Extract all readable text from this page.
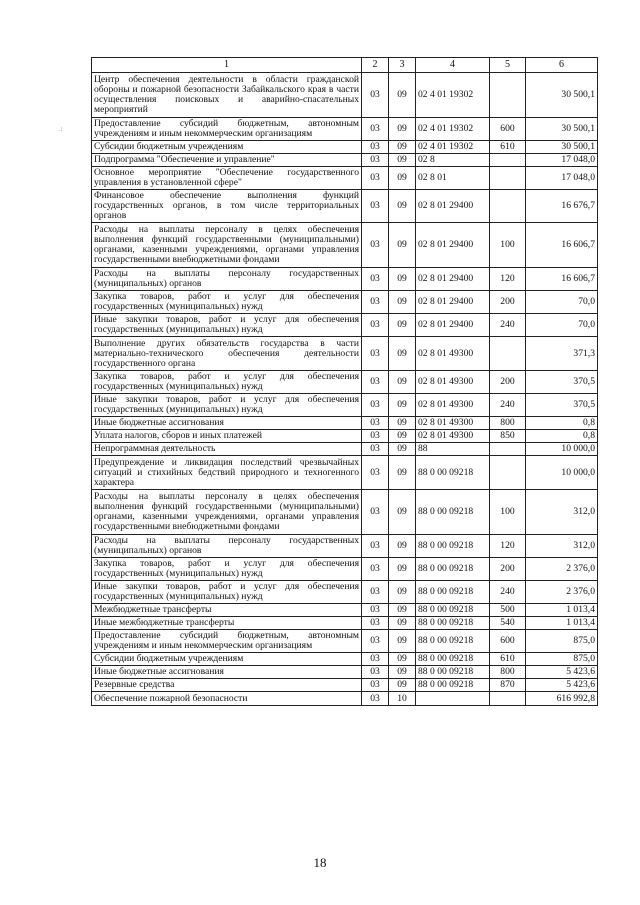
.:
1	2	3	4	5	6
Центр обеспечения деятельности в области гражданской обороны и пожарной безопасности Забайкальского края в части осуществления поисковых и аварийно-спасательных мероприятий	03	09	02 4 01 19302		30 500,1
Предоставление субсидий бюджетным, автономным учреждениям и иным некоммерческим организациям	03	09	02 4 01 19302	600	30 500,1
Субсидии бюджетным учреждениям	03	09	02 4 01 19302	610	30 500,1
Подпрограмма "Обеспечение и управление"	03	09	02 8		17 048,0
Основное мероприятие "Обеспечение государственного управления в установленной сфере"	03	09	02 8 01		17 048,0
Финансовое обеспечение выполнения функций государственных органов, в том числе территориальных органов	03	09	02 8 01 29400		16 676,7
Расходы на выплаты персоналу в целях обеспечения выполнения функций государственными (муниципальными) органами, казенными учреждениями, органами управления государственными внебюджетными фондами	03	09	02 8 01 29400	100	16 606,7
Расходы на выплаты персоналу государственных (муниципальных) органов	03	09	02 8 01 29400	120	16 606,7
Закупка товаров, работ и услуг для обеспечения государственных (муниципальных) нужд	03	09	02 8 01 29400	200	70,0
Иные закупки товаров, работ и услуг для обеспечения государственных (муниципальных) нужд	03	09	02 8 01 29400	240	70,0
Выполнение других обязательств государства в части материально-технического обеспечения деятельности государственного органа	03	09	02 8 01 49300		371,3
Закупка товаров, работ и услуг для обеспечения государственных (муниципальных) нужд	03	09	02 8 01 49300	200	370,5
Иные закупки товаров, работ и услуг для обеспечения государственных (муниципальных) нужд	03	09	02 8 01 49300	240	370,5
Иные бюджетные ассигнования	03	09	02 8 01 49300	800	0,8
Уплата налогов, сборов и иных платежей	03	09	02 8 01 49300	850	0,8
Непрограммная деятельность	03	09	88		10 000,0
Предупреждение и ликвидация последствий чрезвычайных ситуаций и стихийных бедствий природного и техногенного характера	03	09	88 0 00 09218		10 000,0
Расходы на выплаты персоналу в целях обеспечения выполнения функций государственными (муниципальными) органами, казенными учреждениями, органами управления государственными внебюджетными фондами	03	09	88 0 00 09218	100	312,0
Расходы на выплаты персоналу государственных (муниципальных) органов	03	09	88 0 00 09218	120	312,0
Закупка товаров, работ и услуг для обеспечения государственных (муниципальных) нужд	03	09	88 0 00 09218	200	2 376,0
Иные закупки товаров, работ и услуг для обеспечения государственных (муниципальных) нужд	03	09	88 0 00 09218	240	2 376,0
Межбюджетные трансферты	03	09	88 0 00 09218	500	1 013,4
Иные межбюджетные трансферты	03	09	88 0 00 09218	540	1 013,4
Предоставление субсидий бюджетным, автономным учреждениям и иным некоммерческим организациям	03	09	88 0 00 09218	600	875,0
Субсидии бюджетным учреждениям	03	09	88 0 00 09218	610	875,0
Иные бюджетные ассигнования	03	09	88 0 00 09218	800	5 423,6
Резервные средства	03	09	88 0 00 09218	870	5 423,6
Обеспечение пожарной безопасности	03	10			616 992,8
18
